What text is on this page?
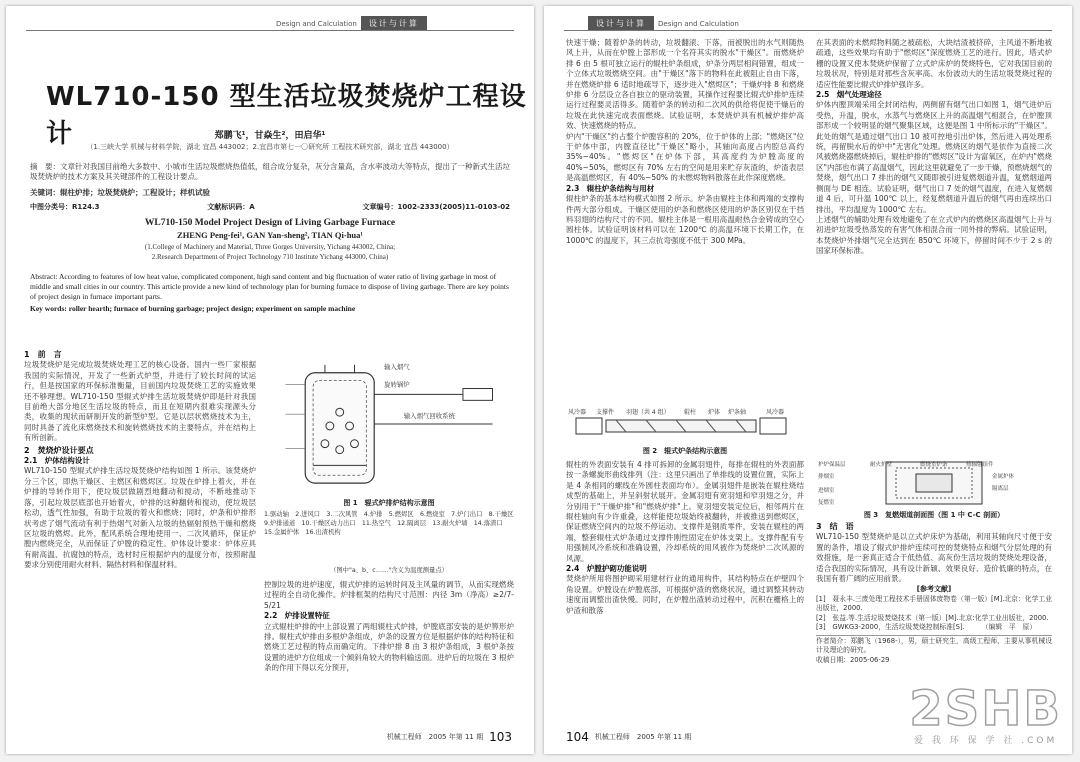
Design and Calculation	设计与计算
WL710-150 型生活垃圾焚烧炉工程设计	郑鹏飞¹，甘焱生²，田启华¹
（1.三峡大学 机械与材料学院，湖北 宜昌 443002；2.宜昌市第七一〇研究所 工程技术研究部，湖北 宜昌 443000）
摘　要：文章针对我国目前绝大多数中、小城市生活垃圾燃烧热值低，组合成分复杂，灰分含量高，含水率波动大等特点，提出了一种新式生活垃圾焚烧炉的技术方案及其关键部件的工程设计要点。
关键词：辊柱炉排；垃圾焚烧炉；工程设计；样机试验
中图分类号：R124.3	文献标识码：A	文章编号：1002-2333(2005)11-0103-02
WL710-150 Model Project Design of Living Garbage Furnace
ZHENG Peng-fei¹, GAN Yan-sheng², TIAN Qi-hua¹
(1.College of Machinery and Material, Three Gorges University, Yichang 443002, China;
2.Research Department of Project Technology 710 Institute Yichang 443000, China)
Abstract: According to features of low heat value, complicated component, high sand content and big fluctuation of water ratio of living garbage in most of middle and small cities in our country. This article provide a new kind of technology plan for burning furnace to dispose of living garbage. There are key points of project design in furnace important parts.
Key words: roller hearth; furnace of burning garbage; project design; experiment on sample machine
1　前　言
垃圾焚烧炉是完成垃圾焚烧处理工艺的核心设备。国内一些厂家根据我国的实际情况，开发了一些新式炉型，并进行了较长时间的试运行，但是按国家的环保标准衡量，目前国内垃圾焚烧工艺的实施效果还不够理想。WL710-150 型辊式炉排生活垃圾焚烧炉即是针对我国目前绝大部分地区生活垃圾的特点，而且在短期内很难实现源头分类，收集的现状而研制开发的新型炉型。它是以层状燃烧技术为主，同时具备了流化床燃烧技术和旋转燃烧技术的主要特点，并在结构上有所创新。
2　焚烧炉设计要点
2.1　炉体结构设计
WL710-150 型辊式炉排生活垃圾焚烧炉结构如图 1 所示。该焚烧炉分三个区，即热干燥区、主燃区和燃烬区。垃圾在炉排上着火，并在炉排的导转作用下，使垃圾层做剧烈地翻动和搅动，不断地推动下落，引起垃圾层底部也开始着火，炉排的这种翻转和搅动，使垃圾层松动，透气性加强，有助于垃圾的着火和燃烧；同时，炉条和炉排形状考虑了烟气流动有利于热烟气对新入垃圾的热辐射预热干燥和燃烧区垃圾的燃烬。此外，配风系统合理地使用一、二次风循环，保证炉膛内燃烧完全，从而保证了炉膛的稳定性。炉体设计要求：炉体应具有耐高温、抗腐蚀的特点，选材时应根据炉内的温度分布，按照耐温要求分别使用耐火材料、隔热材料和保温材料。
输入烟气
旋转锅炉
输入烟气回收系统
图 1　辊式炉排炉结构示意图
1.驱动轴　2.进风口　3.二次风管　4.炉排　5.燃烬区　6.燃烧室　7.炉门出口　8.干燥区　9.炉排通道　10.干燥区动力出口　11.热空气　12.隔离层　13.耐火炉墙　14.落渣口　15.金属炉体　16.出渣机构
（图中"a、b、c……"含义为温度测量点）
控制垃圾的进炉速度，辊式炉排的运转时间及主风量的调节，从而实现燃烧过程的全自动化操作。炉排框架的结构尺寸范围：内径 3m（净高）≥2/7-5/21
2.2　炉排设置特征
立式辊柱炉排的中上部设置了两组辊柱式炉排，炉膛底部安装的是炉箅形炉排。辊柱式炉排由多根炉条组成，炉条的设置方位是根据炉体的结构特征和燃烧工艺过程的特点而确定的。下排炉排 8 由 3 根炉条组成，3 根炉条按设置的进炉方位组成一个倾斜角较大的物料输送面。进炉后的垃圾在 3 根炉条的作用下得以充分预开，
机械工程师　2005 年第 11 期 103
设计与计算	Design and Calculation
快速干燥；随着炉条的转动，垃圾翻滚、下落，而被脱出的水气则随热风上升，从而在炉膛上部形成一个名符其实的脱水"干燥区"。而燃烧炉排 6 由 5 根可独立运行的辊柱炉条组成，炉条分两层相间错置，组成一个立体式垃圾燃烧空间。由"干燥区"落下的物料在此被阻止自由下落，并在燃烧炉排 6 适时地疏导下，逐步进入"燃烬区"；干燥炉排 8 和燃烧炉排 6 分层设立各自独立的驱动装置，其操作过程要比辊式炉排炉连续运行过程要灵活得多。随着炉条的转动和二次风的供给将促使干燥后的垃圾在此快速完成表面燃烧。试验证明，本焚烧炉具有机械炉排炉高效、快速燃烧的特点。
炉内"干燥区"约占整个炉膛容积的 20%，位于炉体的上部；"燃烧区"位于炉体中部，内膛直径比"干燥区"略小，其轴向高度占内腔总高约 35%~40%。"燃烬区"在炉体下部，其高度约为炉膛高度的 40%~50%，燃烬区有 70% 左右的空间是用来贮存灰渣的，炉渣表层是高温燃烬区，有 40%~50% 的未燃烬物料散落在此作深度燃烧。
2.3　辊柱炉条结构与用材
辊柱炉条的基本结构模式如图 2 所示。炉条由辊柱主体和两端的支撑构件两大部分组成。干燥区使用的炉条和燃烧区使用的炉条区别仅在于挡料羽翅的结构尺寸的不同。辊柱主体是一根用高温耐热合金铸成的空心圆柱体。试验证明该材料可以在 1200℃ 的高温环境下长期工作，在 1000℃ 的温度下，其三点抗弯强度不低于 300 MPa。
风冷器 支撑件 羽翅（共 4 组） 辊柱 炉体 炉条轴	风冷器
图 2　辊式炉条结构示意图
辊柱的外表面安装有 4 排可拆卸的金属羽翅件，每排在辊柱的外表面都按一条螺旋形曲线排列（注：这里只画出了单排线的设置位置，实际上是 4 条相同的螺线在外圆柱表面均布）。金属羽翅件是嵌装在辊柱烧结成型的基础上，并呈斜射状展开。金属羽翅有宽羽翅和窄羽翅之分，并分别用于"干燥炉排"和"燃烧炉排"上。宽羽翅安装定位后，相邻两片在辊柱轴向有少许重叠，这样能使垃圾始终被翻转，并被推送到燃烬区，保证燃烧空间内的垃圾不停运动。支撑件是钢质零件，安装在辊柱的两端，整套辊柱式炉条通过支撑件刚性固定在炉体支架上。支撑件配有专用强制风冷系统和准确设置，冷却系统的用风被作为焚烧炉二次风源的风源。
2.4　炉膛护砌功能说明
焚烧炉所用将图护砌采用建材行业的通用构件，其结构特点在炉壁四个角设置。炉膛设在炉膛底部，可根据炉渣的燃烧状况，通过调整其转动速度而调整出渣快慢。同时，在炉膛出渣转动过程中，沉积在栅格上的炉渣和散落
在其表面的未燃烬物料随之被疏松，大块结渣被挤碎，主风道不断地被疏通，这些效果均有助于"燃烬区"深度燃烧工艺的进行。因此，塔式炉栅的设置又使本焚烧炉保留了立式炉床炉的焚烧特色，它对我国目前的垃圾状况，特别是对那些含灰率高、水份波动大的生活垃圾焚烧过程的适应性能要比辊式炉排炉强许多。
2.5　烟气处理途径
炉体内膛顶端采用全封闭结构，两侧留有烟气出口如图 1，烟气进炉后受热，升温，脱水，水蒸气与燃烧区上升的高温烟气相混合，在炉膛顶部形成一个较明显的烟气聚集区域，这便是图 1 中所标示的"干燥区"。此处的烟气是通过烟气出口 10 被可控地引出炉体，然后进入再处理系统，再留脱水后的炉中"无害化"处理。燃烧区的烟气是依作为直接二次风被燃烧器燃烧掉后，辊柱炉排的"燃烬区"设计为富氧区，在炉内"燃烧区"内部也布满了高温烟气，因此这里就避免了一步干燥，预燃烧烟气的焚烧，烟气出口 7 排出的烟气又随即被引进复燃烟道升温，复燃烟道两侧面与 DE 相连。试验证明，烟气出口 7 处的烟气温度，在进入复燃烟道 4 后，可升温 100℃ 以上，经复燃烟道升温后的烟气再由连续出口排出，平均温度为 1000℃ 左右。
上述烟气的辅助处理有效地避免了在立式炉内的燃烧区高温烟气上升与初进炉垃圾受热蒸发的有害气体相混合而一同外排的弊病。试验证明，本焚烧炉外排烟气完全达到在 850℃ 环境下，停留时间不少于 2 s 的国家环保标准。
护炉保温层	耐火炉壁	燃烧室炉条	热辐射组件
排烟室	金属炉体
隔离层
进烟室
复燃室
图 3　复燃烟道剖面图（图 1 中 C-C 剖面）
3　结　语
WL710-150 型焚烧炉是以立式炉床炉为基础，利用其轴向尺寸便于安置的条件，增设了辊式炉排炉连续可控的焚烧特点和烟气分层处理的有效措施，是一套真正适合于低热值、高灰份生活垃圾的焚烧处理设备，适合我国的实际情况，具有设计新颖、效果良好、造价低廉的特点，在我国有着广阔的应用前景。
[参考文献]
[1]　聂永丰.三废处理工程技术手册固体废物卷（第一版）[M].北京：化学工业出版社，2000.
[2]　张益.等.生活垃圾焚烧技术（第一版）[M].北京:化学工业出版社，2000.
[3]　GWKG3-2000，生活垃圾焚烧控制标准[S].　　　（编辑　平　原）
作者简介：郑鹏飞（1968-），男，硕士研究生，高级工程师，主要从事机械设计及理论的研究。
收稿日期：2005-06-29
104 机械工程师　2005 年第 11 期	2SHB
爱 我 环 保 学 社 .COM
